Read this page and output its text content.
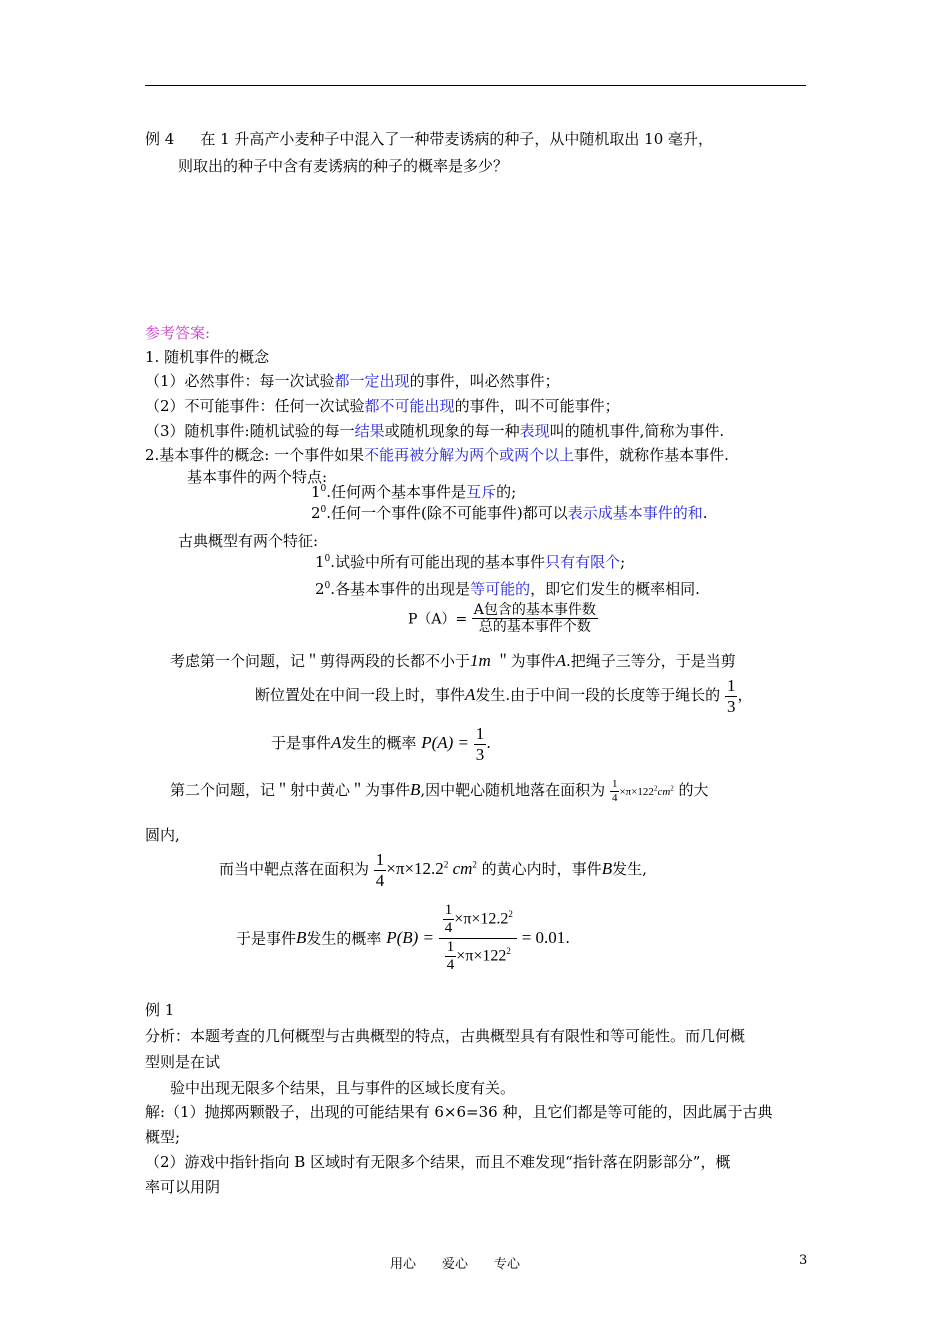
例 4 在 1 升高产小麦种子中混入了一种带麦诱病的种子，从中随机取出 10 毫升，
则取出的种子中含有麦诱病的种子的概率是多少？
参考答案:
1. 随机事件的概念
（1）必然事件：每一次试验都一定出现的事件，叫必然事件；
（2）不可能事件：任何一次试验都不可能出现的事件，叫不可能事件；
（3）随机事件:随机试验的每一结果或随机现象的每一种表现叫的随机事件,简称为事件.
2.基本事件的概念: 一个事件如果不能再被分解为两个或两个以上事件，就称作基本事件.
基本事件的两个特点:
$1^0$.任何两个基本事件是互斥的;
$2^0$.任何一个事件(除不可能事件)都可以表示成基本事件的和.
古典概型有两个特征:
$1^0$.试验中所有可能出现的基本事件只有有限个;
$2^0$.各基本事件的出现是等可能的，即它们发生的概率相同.
$P(A)= \frac{\text{A包含的基本事件数}}{\text{总的基本事件个数}}$
考虑第一个问题，记＂剪得两段的长都不小于1m ＂为事件A.把绳子三等分，于是当剪
断位置处在中间一段上时，事件A发生.由于中间一段的长度等于绳长的 $\frac{1}{3}$ ，
于是事件A发生的概率 $P(A) = \frac{1}{3}$ .
第二个问题，记＂射中黄心＂为事件B,因中靶心随机地落在面积为 $\frac{1}{4} \times\pi\times 122^2cm^2$ 的大
圆内,
而当中靶点落在面积为 $\frac{1}{4} \times\pi\times 12.2^2$ $cm^2$ 的黄心内时，事件B发生,
于是事件B发生的概率 $P(B) = \frac{\frac{1}{4} \times\pi\times 12.2^2}{\frac{1}{4} \times\pi\times 122^2} = 0.01$.
例 1
分析：本题考查的几何概型与古典概型的特点，古典概型具有有限性和等可能性。而几何概
型则是在试
验中出现无限多个结果，且与事件的区域长度有关。
解:（1）抛掷两颗骰子，出现的可能结果有 6×6=36 种，且它们都是等可能的，因此属于古典
概型;
（2）游戏中指针指向 B 区域时有无限多个结果，而且不难发现“指针落在阴影部分”，概
率可以用阴
用心　　爱心　　专心	3
